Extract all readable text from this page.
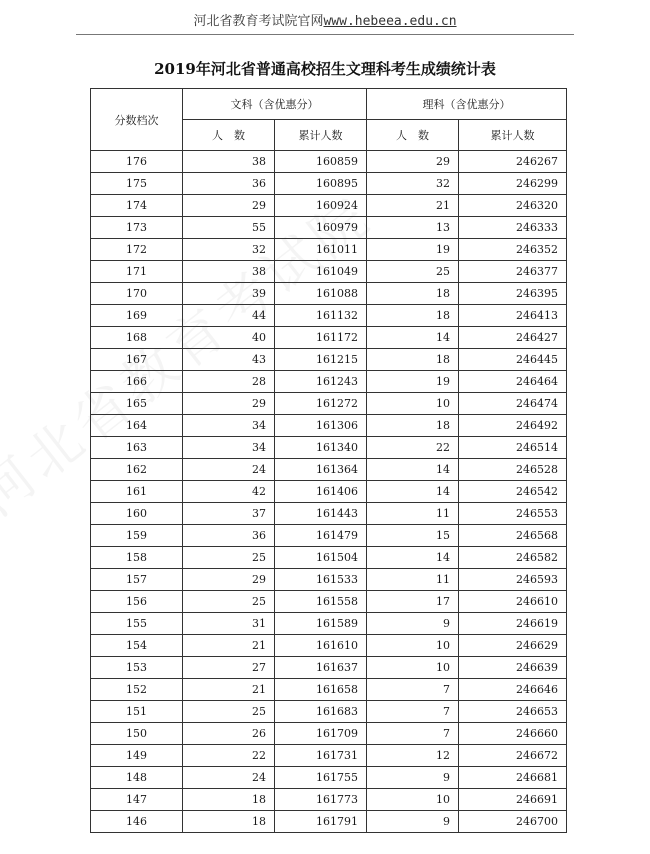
河北省教育考试院官网www.hebeea.edu.cn
2019年河北省普通高校招生文理科考生成绩统计表
分数档次	文科（含优惠分）		理科（含优惠分）	
	人　数	累计人数	人　数	累计人数
176	38	160859	29	246267
175	36	160895	32	246299
174	29	160924	21	246320
173	55	160979	13	246333
172	32	161011	19	246352
171	38	161049	25	246377
170	39	161088	18	246395
169	44	161132	18	246413
168	40	161172	14	246427
167	43	161215	18	246445
166	28	161243	19	246464
165	29	161272	10	246474
164	34	161306	18	246492
163	34	161340	22	246514
162	24	161364	14	246528
161	42	161406	14	246542
160	37	161443	11	246553
159	36	161479	15	246568
158	25	161504	14	246582
157	29	161533	11	246593
156	25	161558	17	246610
155	31	161589	9	246619
154	21	161610	10	246629
153	27	161637	10	246639
152	21	161658	7	246646
151	25	161683	7	246653
150	26	161709	7	246660
149	22	161731	12	246672
148	24	161755	9	246681
147	18	161773	10	246691
146	18	161791	9	246700
